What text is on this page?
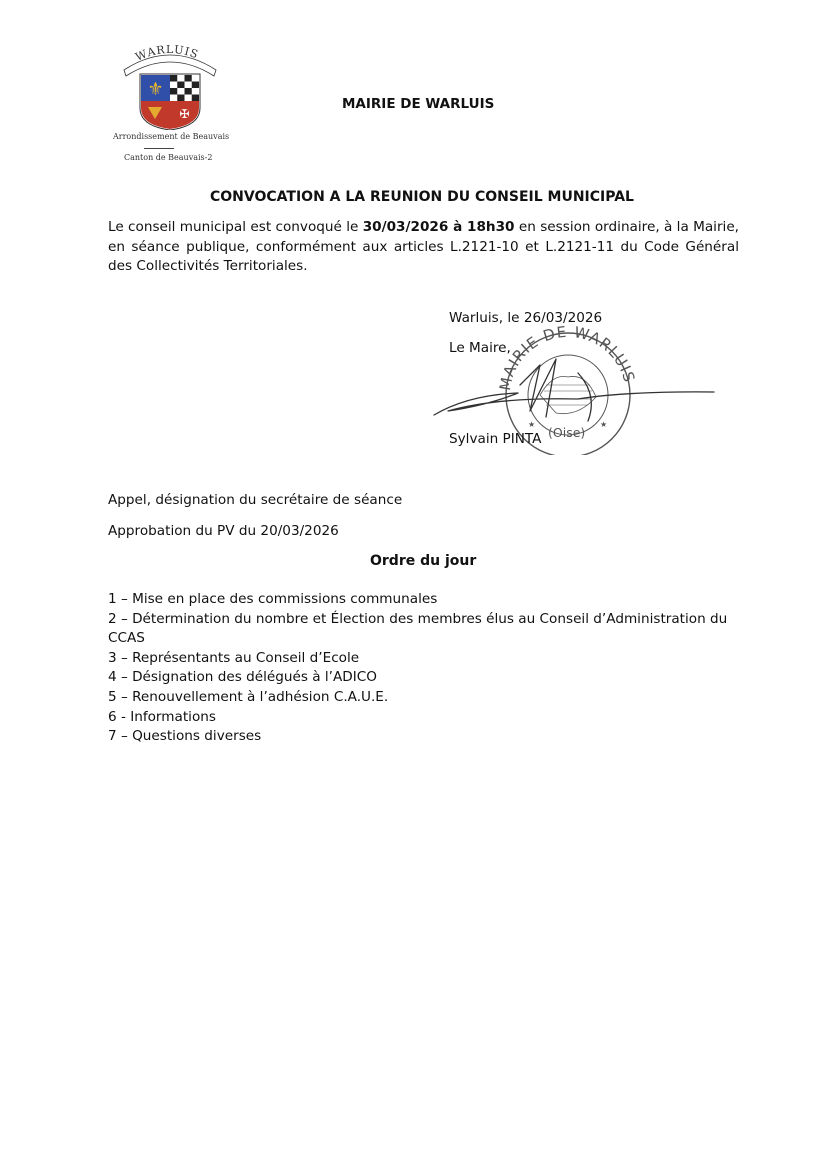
WARLUIS
⚜
✠
Arrondissement de Beauvais
Canton de Beauvais-2
MAIRIE DE WARLUIS
CONVOCATION A LA REUNION DU CONSEIL MUNICIPAL
Le conseil municipal est convoqué le 30/03/2026 à 18h30 en session ordinaire, à la Mairie, en séance publique, conformément aux articles L.2121-10 et L.2121-11 du Code Général des Collectivités Territoriales.
Warluis, le 26/03/2026
Le Maire,
MAIRIE DE WARLUIS
★	★
Sylvain PINTA (Oise)
Appel, désignation du secrétaire de séance
Approbation du PV du 20/03/2026
Ordre du jour
1 – Mise en place des commissions communales
2 – Détermination du nombre et Élection des membres élus au Conseil d’Administration du CCAS
3 – Représentants au Conseil d’Ecole
4 – Désignation des délégués à l’ADICO
5 – Renouvellement à l’adhésion C.A.U.E.
6 - Informations
7 – Questions diverses
